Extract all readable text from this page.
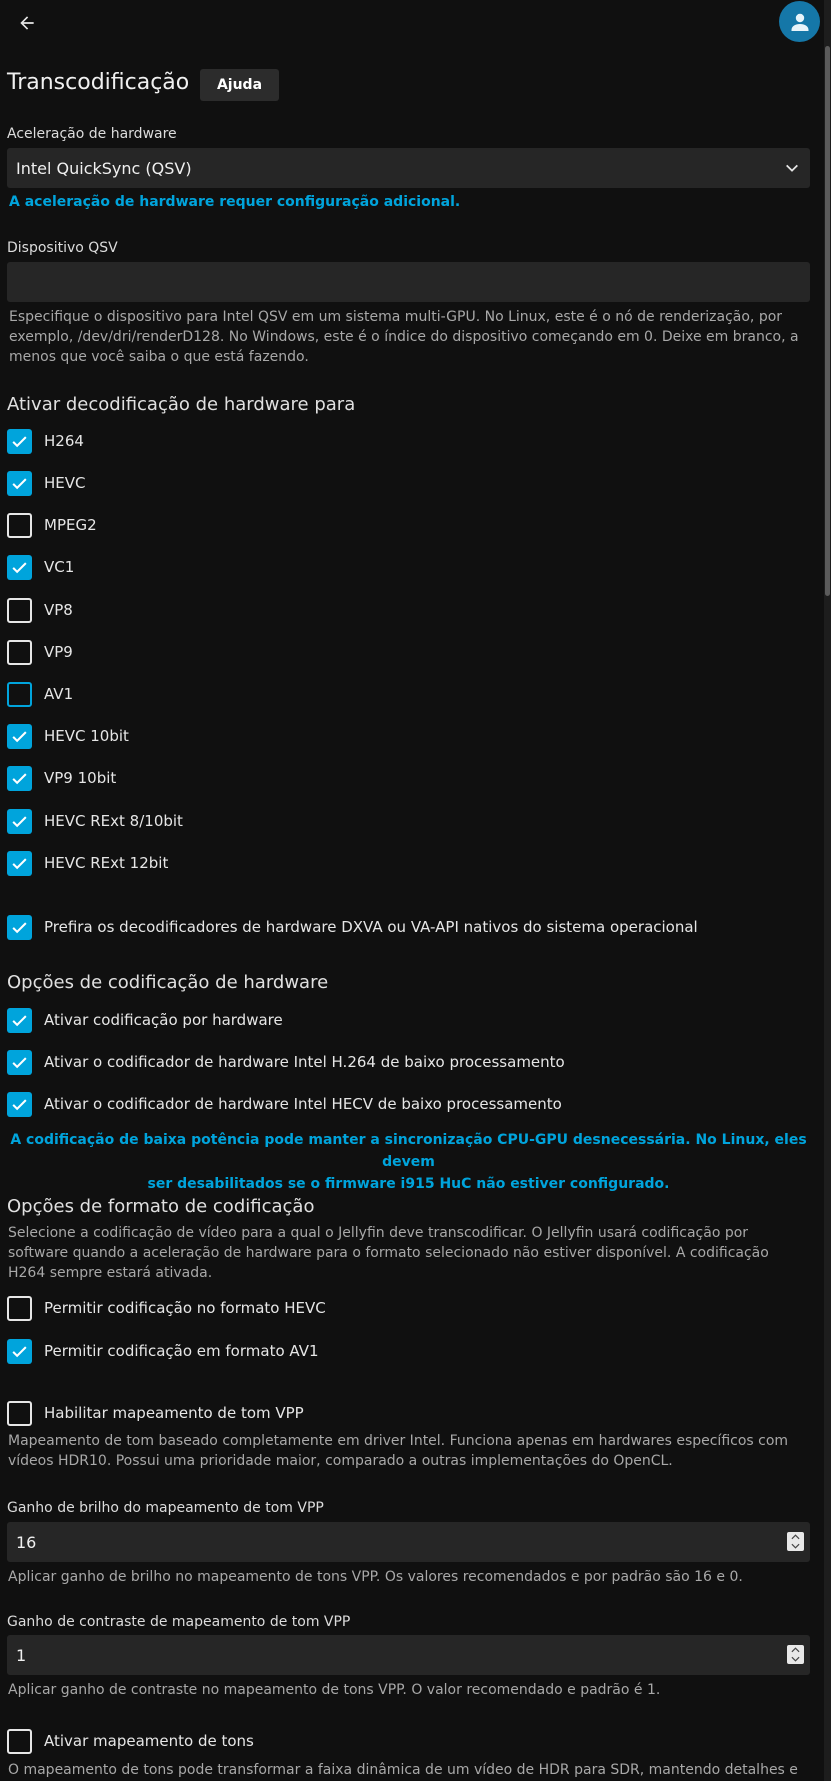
Transcodificação	Ajuda
Aceleração de hardware
Intel QuickSync (QSV)
A aceleração de hardware requer configuração adicional.
Dispositivo QSV
Especifique o dispositivo para Intel QSV em um sistema multi-GPU. No Linux, este é o nó de renderização, por exemplo, /dev/dri/renderD128. No Windows, este é o índice do dispositivo começando em 0. Deixe em branco, a menos que você saiba o que está fazendo.
Ativar decodificação de hardware para
H264
HEVC
MPEG2
VC1
VP8
VP9
AV1
HEVC 10bit
VP9 10bit
HEVC RExt 8/10bit
HEVC RExt 12bit
Prefira os decodificadores de hardware DXVA ou VA-API nativos do sistema operacional
Opções de codificação de hardware
Ativar codificação por hardware
Ativar o codificador de hardware Intel H.264 de baixo processamento
Ativar o codificador de hardware Intel HECV de baixo processamento
A codificação de baixa potência pode manter a sincronização CPU-GPU desnecessária. No Linux, eles devem
ser desabilitados se o firmware i915 HuC não estiver configurado.
Opções de formato de codificação
Selecione a codificação de vídeo para a qual o Jellyfin deve transcodificar. O Jellyfin usará codificação por software quando a aceleração de hardware para o formato selecionado não estiver disponível. A codificação H264 sempre estará ativada.
Permitir codificação no formato HEVC
Permitir codificação em formato AV1
Habilitar mapeamento de tom VPP
Mapeamento de tom baseado completamente em driver Intel. Funciona apenas em hardwares específicos com vídeos HDR10. Possui uma prioridade maior, comparado a outras implementações do OpenCL.
Ganho de brilho do mapeamento de tom VPP
16
Aplicar ganho de brilho no mapeamento de tons VPP. Os valores recomendados e por padrão são 16 e 0.
Ganho de contraste de mapeamento de tom VPP
1
Aplicar ganho de contraste no mapeamento de tons VPP. O valor recomendado e padrão é 1.
Ativar mapeamento de tons
O mapeamento de tons pode transformar a faixa dinâmica de um vídeo de HDR para SDR, mantendo detalhes e
